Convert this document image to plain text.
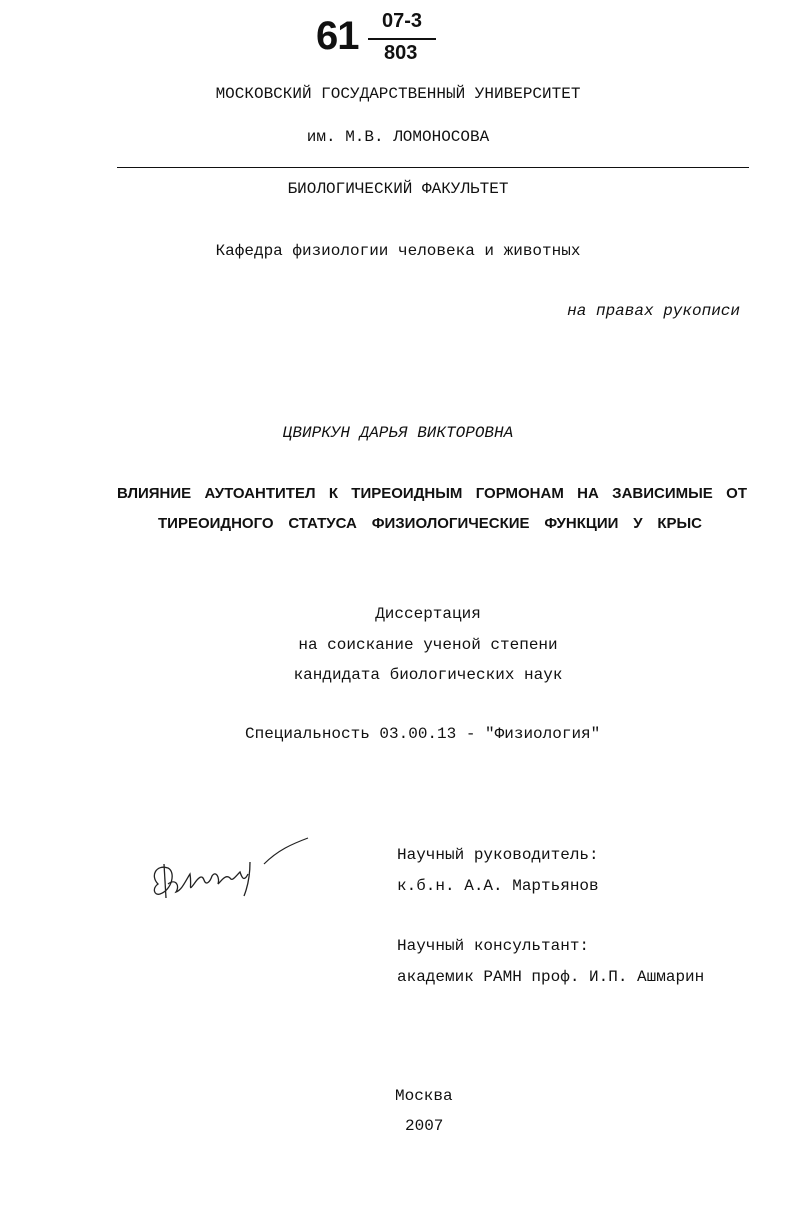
61 07-3
803
МОСКОВСКИЙ ГОСУДАРСТВЕННЫЙ УНИВЕРСИТЕТ
им. М.В. ЛОМОНОСОВА
БИОЛОГИЧЕСКИЙ ФАКУЛЬТЕТ
Кафедра физиологии человека и животных
на правах рукописи
ЦВИРКУН ДАРЬЯ ВИКТОРОВНА
ВЛИЯНИЕ АУТОАНТИТЕЛ К ТИРЕОИДНЫМ ГОРМОНАМ НА ЗАВИСИМЫЕ ОТ
ТИРЕОИДНОГО СТАТУСА ФИЗИОЛОГИЧЕСКИЕ ФУНКЦИИ У КРЫС
Диссертация
на соискание ученой степени
кандидата биологических наук
Специальность 03.00.13 - "Физиология"
Научный руководитель:
к.б.н. А.А. Мартьянов
Научный консультант:
академик РАМН проф. И.П. Ашмарин
Москва
2007
